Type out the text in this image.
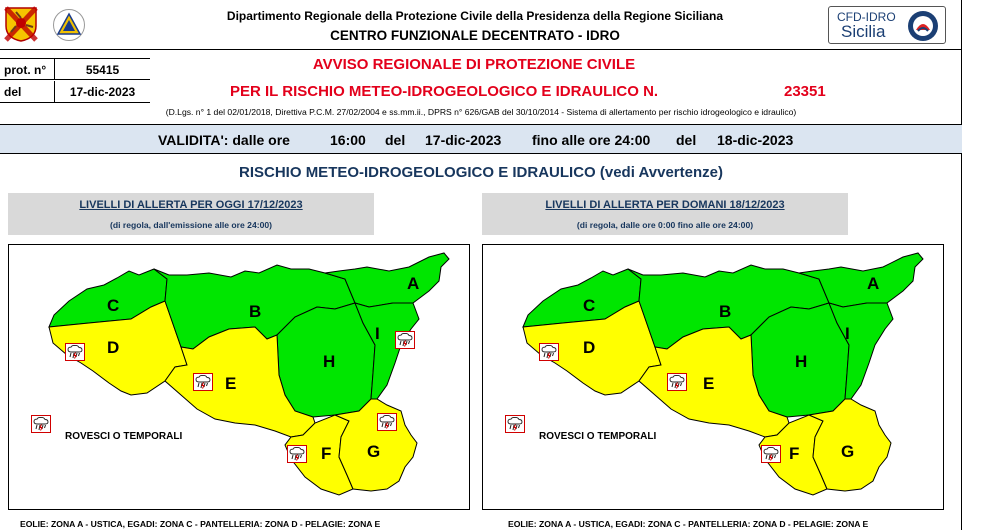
Dipartimento Regionale della Protezione Civile della Presidenza della Regione Siciliana
CENTRO FUNZIONALE DECENTRATO - IDRO
CFD-IDRO
Sicilia
prot. n°	55415
del	17-dic-2023
AVVISO REGIONALE DI PROTEZIONE CIVILE
PER IL RISCHIO METEO-IDROGEOLOGICO E IDRAULICO N.	23351
(D.Lgs. n° 1 del 02/01/2018, Direttiva P.C.M. 27/02/2004 e ss.mm.ii., DPRS n° 626/GAB del 30/10/2014 - Sistema di allertamento per rischio idrogeologico e idraulico)
VALIDITA': dalle ore	16:00 del 17-dic-2023 fino alle ore 24:00 del 18-dic-2023
RISCHIO METEO-IDROGEOLOGICO E IDRAULICO (vedi Avvertenze)
LIVELLI DI ALLERTA PER OGGI 17/12/2023
(di regola, dall'emissione alle ore 24:00)
LIVELLI DI ALLERTA PER DOMANI 18/12/2023
(di regola, dalle ore 0:00 fino alle ore 24:00)
A
B
C
D
E
F G
H
I
ROVESCI O TEMPORALI
A
B
C
D
E
F G
H
I
ROVESCI O TEMPORALI
EOLIE: ZONA A - USTICA, EGADI: ZONA C - PANTELLERIA: ZONA D - PELAGIE: ZONA E	EOLIE: ZONA A - USTICA, EGADI: ZONA C - PANTELLERIA: ZONA D - PELAGIE: ZONA E
